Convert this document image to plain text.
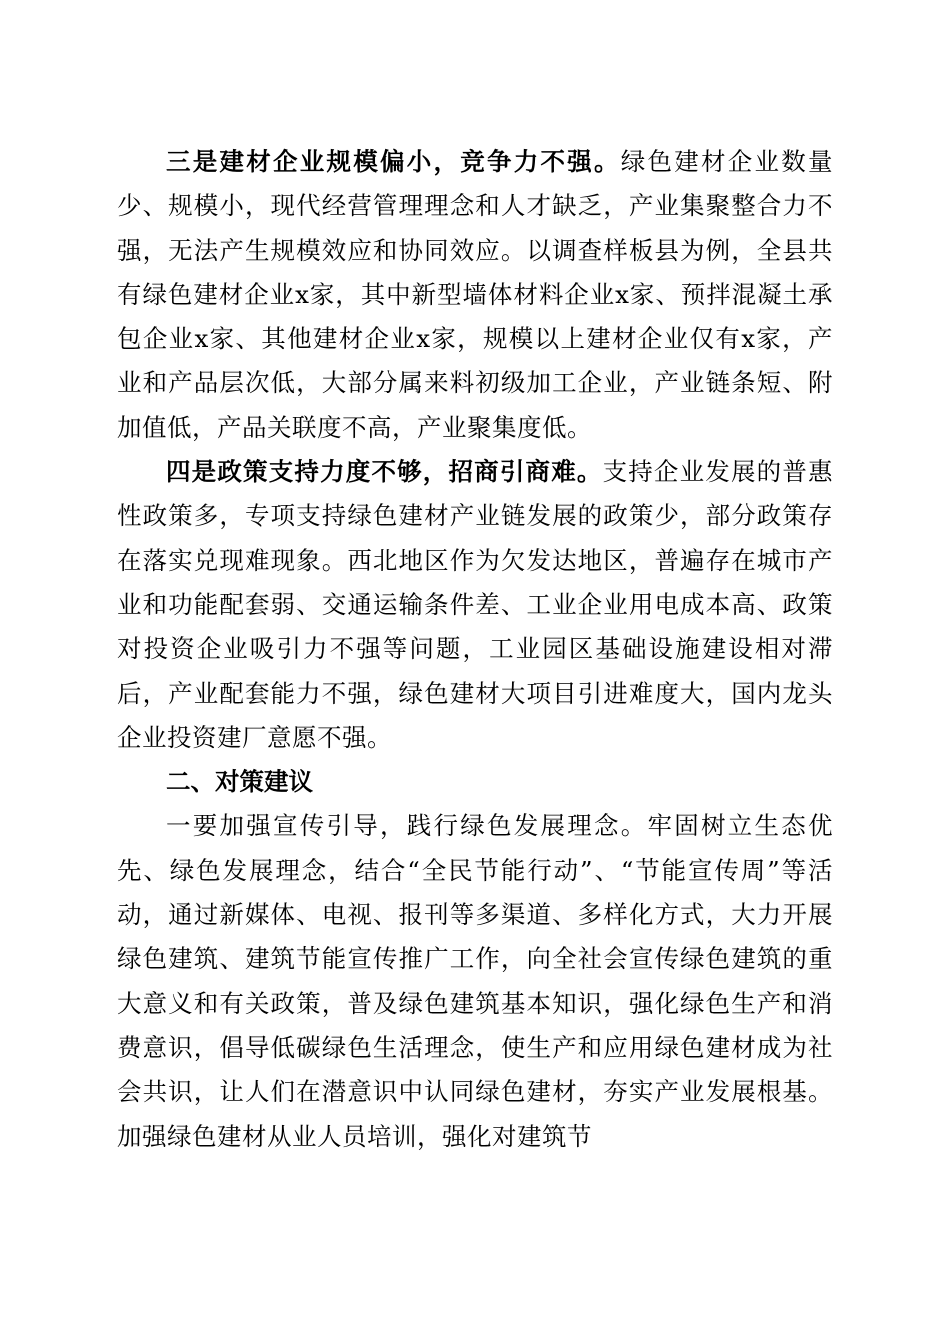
三是建材企业规模偏小，竞争力不强。绿色建材企业数量少、规模小，现代经营管理理念和人才缺乏，产业集聚整合力不强，无法产生规模效应和协同效应。以调查样板县为例，全县共有绿色建材企业x家，其中新型墙体材料企业x家、预拌混凝土承包企业x家、其他建材企业x家，规模以上建材企业仅有x家，产业和产品层次低，大部分属来料初级加工企业，产业链条短、附加值低，产品关联度不高，产业聚集度低。

四是政策支持力度不够，招商引商难。支持企业发展的普惠性政策多，专项支持绿色建材产业链发展的政策少，部分政策存在落实兑现难现象。西北地区作为欠发达地区，普遍存在城市产业和功能配套弱、交通运输条件差、工业企业用电成本高、政策对投资企业吸引力不强等问题，工业园区基础设施建设相对滞后，产业配套能力不强，绿色建材大项目引进难度大，国内龙头企业投资建厂意愿不强。

二、对策建议

一要加强宣传引导，践行绿色发展理念。牢固树立生态优先、绿色发展理念，结合“全民节能行动”、“节能宣传周”等活动，通过新媒体、电视、报刊等多渠道、多样化方式，大力开展绿色建筑、建筑节能宣传推广工作，向全社会宣传绿色建筑的重大意义和有关政策，普及绿色建筑基本知识，强化绿色生产和消费意识，倡导低碳绿色生活理念，使生产和应用绿色建材成为社会共识，让人们在潜意识中认同绿色建材，夯实产业发展根基。加强绿色建材从业人员培训，强化对建筑节
